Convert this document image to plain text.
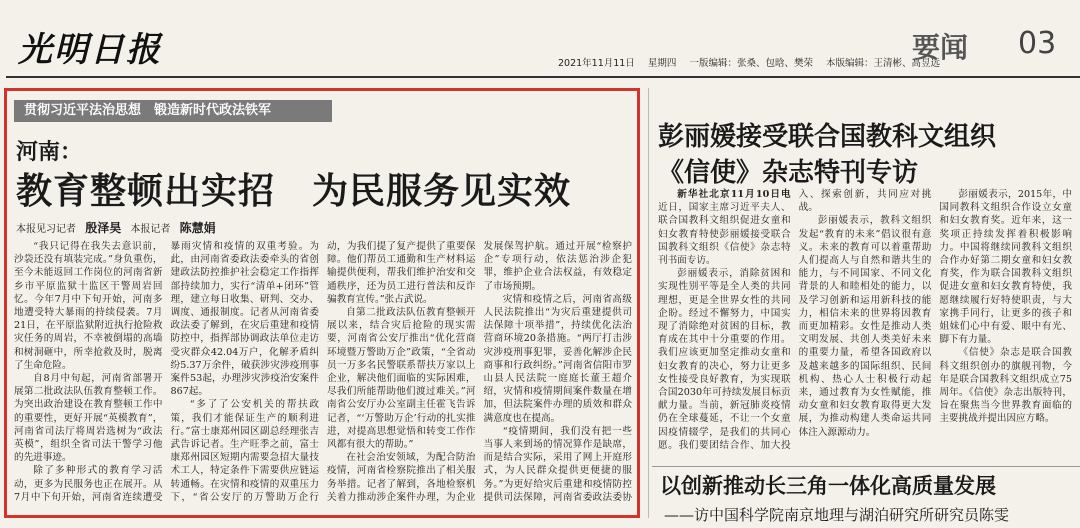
光明日报	2021年11月11日 星期四 一版编辑：张桑、包晗、樊荣 本版编辑：王清彬、高昱远
要闻 03
贯彻习近平法治思想　锻造新时代政法铁军
河南：
教育整顿出实招　为民服务见实效
本报见习记者 殷泽昊 本报记者 陈慧娟

“我只记得在我失去意识前，沙袋还没有填装完成。”身负重伤，至今未能返回工作岗位的河南省新乡市平原监狱十监区干警周岩回忆。今年7月中下旬开始，河南多地遭受特大暴雨的持续侵袭。7月21日，在平原监狱附近执行抢险救灾任务的周岩，不幸被倒塌的高墙和树洞砸中，所幸抢救及时，脱离了生命危险。

自8月中旬起，河南省部署开展第二批政法队伍教育整顿工作。为突出政治建设在教育整顿工作中的重要性，更好开展“英模教育”，河南省司法厅将周岩选树为“政法英模”，组织全省司法干警学习他的先进事迹。

除了多种形式的教育学习活动，更多为民服务也正在展开。从7月中下旬开始，河南省连续遭受暴雨灾情和疫情的双重考验。为此，由河南省委政法委牵头的省创建政法防控推护社会稳定工作指挥部持续加力，实行“清单+闭环”管理，建立每日收集、研判、交办、调度、通报制度。记者从河南省委政法委了解到，在灾后重建和疫情防控中，指挥部协调政法单位走访受灾群众42.04万户，化解矛盾纠纷5.37万余件，破获涉灾涉疫刑事案件53起，办理涉灾涉疫治安案件867起。

“多了了公安机关的帮扶政策，我们才能保证生产的顺利进行。”富士康郑州园区副总经理张吉武告诉记者。生产旺季之前，富士康郑州园区短期内需要急招大量技术工人，特定条件下需要供应链运转通畅。在灾情和疫情的双重压力下，“省公安厅的万警助万企行动，为我们提了复产提供了重要保障。他们帮员工通勤和生产材料运输提供便利，帮我们维护治安和交通秩序，还为员工进行普法和反诈骗教育宣传。”张占武说。

自第二批政法队伍教育整顿开展以来，结合灾后抢险的现实需要，河南省公安厅推出“优化营商环境暨万警助万企”政策，“全省动员一万多名民警联系帮扶万家以上企业，解决他们面临的实际困难，尽我们所能帮助他们渡过难关。”河南省公安厅办公室副主任霍飞告诉记者，“‘万警助万企’行动的扎实推进，对提高思想觉悟和转变工作作风都有很大的帮助。”

在社会治安领域，为配合防治疫情，河南省检察院推出了相关服务举措。记者了解到，各地检察机关着力推动涉企案件办理，为企业发展保驾护航。通过开展“检察护企”专项行动，依法惩治涉企犯罪，维护企业合法权益，有效稳定了市场预期。

灾情和疫情之后，河南省高级人民法院推出“为灾后重建提供司法保障十项举措”，持续优化法治营商环境20条措施。“两厅打击涉灾涉疫刑事犯罪，妥善化解涉企民商事和行政纠纷。”河南省信阳市罗山县人民法院一庭庭长董王超介绍，灾情和疫情期间案件数量在增加，但法院案件办理的质效和群众满意度也在提高。

“疫情期间，我们没有把一些当事人来到场的情况算作是缺席，而是结合实际，采用了网上开庭形式，为人民群众提供更便捷的服务。”为更好给灾后重建和疫情防控提供司法保障，河南省委政法委协

彭丽媛接受联合国教科文组织
《信使》杂志特刊专访

新华社北京11月10日电　近日，国家主席习近平夫人、联合国教科文组织促进女童和妇女教育特使彭丽媛接受联合国教科文组织《信使》杂志特刊书面专访。

彭丽媛表示，消除贫困和实现性别平等是全人类的共同理想，更是全世界女性的共同企盼。经过不懈努力，中国实现了消除绝对贫困的目标，教育成在其中十分重要的作用。我们应该更加坚定推动女童和妇女教育的决心，努力让更多女性接受良好教育，为实现联合国2030年可持续发展目标贡献力量。当前，新冠肺炎疫情仍在全球蔓延，不让一个女童因疫情辍学，是我们的共同心愿。我们要团结合作、加大投入、探索创新，共同应对挑战。

彭丽媛表示，教科文组织发起“教育的未来”倡议很有意义。未来的教育可以着重帮助人们提高人与自然和谐共生的能力，与不同国家、不同文化背景的人和睦相处的能力，以及学习创新和运用新科技的能力，相信未来的世界将因教育而更加精彩。女性是推动人类文明发展、共创人类美好未来的重要力量，希望各国政府以及越来越多的国际组织、民间机构、热心人士积极行动起来，通过教育为女性赋能，推动女童和妇女教育取得更大发展，为推动构建人类命运共同体注入源源动力。

彭丽媛表示，2015年，中国同教科文组织合作设立女童和妇女教育奖。近年来，这一奖项正持续发挥着积极影响力。中国将继续同教科文组织合作办好第二期女童和妇女教育奖，作为联合国教科文组织促进女童和妇女教育特使，我愿继续履行好特使职责，与大家携手同行，让更多的孩子和姐妹们心中有爱、眼中有光、脚下有力量。

《信使》杂志是联合国教科文组织创办的旗舰刊物，今年是联合国教科文组织成立75周年。《信使》杂志出版特刊，旨在聚焦当今世界教育面临的主要挑战并提出因应方略。

以创新推动长三角一体化高质量发展
——访中国科学院南京地理与湖泊研究所研究员陈雯
